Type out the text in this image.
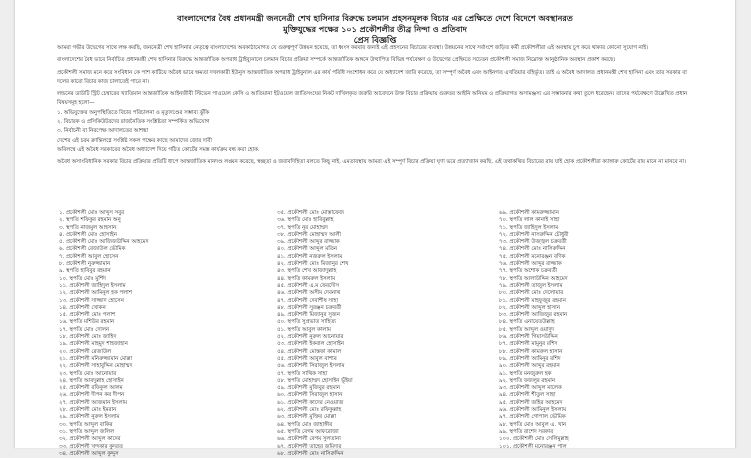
বাংলাদেশের বৈধ প্রধানমন্ত্রী জননেত্রী শেখ হাসিনার বিরুদ্ধে চলমান প্রহসনমূলক বিচার এর প্রেক্ষিতে দেশে বিদেশে অবস্থানরত
মুক্তিযুদ্ধের পক্ষের ১০১ প্রকৌশলীর তীব্র নিন্দা ও প্রতিবাদ
প্রেস বিজ্ঞপ্তি

আমরা গভীর উদ্বেগের সাথে লক্ষ করছি, জননেত্রী শেখ হাসিনার নেতৃত্বে বাংলাদেশের অবকাঠামোগত যে গুরুত্বপূর্ণ উন্নয়ন হয়েছে, তা ধ্বংস করবার জন্যই এই প্রহসনের বিচারের ব্যবস্থা। উন্নয়নের সাথে সর্বাংশে জড়িত কর্মী প্রকৌশলীরা এই অবস্থায় চুপ করে থাকার কোনো সুযোগ নাই।

বাংলাদেশের বৈধ ভাবে নির্বাচিত প্রধানমন্ত্রী শেখ হাসিনার বিরুদ্ধে আন্তর্জাতিক অপরাধ ট্রাইব্যুনালে চলমান বিচার প্রক্রিয়া সম্পর্কে আন্তর্জাতিক অঙ্গনে উত্থাপিত বিভিন্ন পর্যবেক্ষণ ও উদ্বেগের প্রেক্ষিতে সচেতন প্রকৌশলী সমাজ নিম্নোক্ত আনুষ্ঠানিক অবস্থান প্রকাশ করছে।

প্রকৌশলী সমাজ মনে করে সংবিধান কে পাশ কাটিয়ে অবৈধ ভাবে ক্ষমতা দখলকারী ইউনুস আন্তর্জাতিক অপরাধ ট্রাইবুনাল এর কার্য পরিধি সংশোধন করে যে অধ্যাদেশ জারি করেছে, তা সম্পূর্ণ অবৈধ এবং আইনগত এখতিয়ার বহির্ভূত। তাই এ অবৈধ আদালত প্রধানমন্ত্রী শেখ হাসিনা এবং তার সরকার বা দলের কারো বিচার কাজ চালাতেই পারে না।

লন্ডনের ডাউটি স্ট্রিট চেম্বারের খ্যাতিমান আন্তর্জাতিক আইনজীবী স্টিভেন পাওয়েল কেসি ও আতিয়ানা ইটওয়েল জাতিসংঘের নিকট দাখিলকৃত জরুরি আবেদনে উক্ত বিচার প্রক্রিয়ায় গুরুতর আইনি অনিয়ম ও প্রক্রিয়াগত অসামঞ্জস্য এর সম্ভাবনার কথা তুলে ধরেছেন। তাদের পর্যবেক্ষণে উল্লেখিত প্রধান বিষয়সমূহ হলো—

১. অভিযুক্তের অনুপস্থিতিতে বিচার পরিচালনা ও মৃত্যুদণ্ডের সম্ভাব্য ঝুঁকি

২. বিচারক ও প্রসিকিউটরদের রাজনৈতিক সংশ্লিষ্টতা সম্পর্কিত অভিযোগ

৩. নির্বাচনী বা নিরপেক্ষ আদালতের আশঙ্কা

দেশের এই চরম ক্রান্তিলগ্নে সংশ্লিষ্ট সকল পক্ষের কাছে আমাদের জোর দাবী

অবিলম্বে এই অবৈধ সরকারের অবৈধ অধ্যাদেশ দিয়ে গঠিত কোর্টের সমস্ত কার্যক্রম বন্ধ করা হোক.

অবৈধ অসাংবিধানিক সরকার বিচার প্রক্রিয়ার প্রতিটি ধাপে আন্তর্জাতিক মানদণ্ড লঙ্ঘন করেছে, স্বচ্ছতা ও জবাবদিহিতা বলতে কিছু নাই. এমতাবস্থায় আমরা এই সম্পূর্ণ বিচার প্রক্রিয়া ঘৃণা ভরে প্রত্যাখ্যান করছি. এই তথাকথিত বিচারের রায় যাই হোক প্রকৌশলীরা ক্যাঙ্গারু কোর্টের রায় মানে না মানবে না।

১. প্রকৌশলী মোঃ আব্দুস সবুর
২. স্থপতি শফিকুর রহমান অনু
৩. স্থপতি নাজমুল আহসান
৪. প্রকৌশলী মোঃ হোসাইন
৫. প্রকৌশলী মোঃ আজিজউদ্দিন আহমেদ
৬. প্রকৌশলী রেজাউল ভৌমিক
৭. প্রকৌশলী আবুল হোসেন
৮. প্রকৌশলী নুরুজ্জামান
৯. স্থপতি হাবিবুর রহমান
১০. স্থপতি মোঃ মুর্শিদ
১১. প্রকৌশলী জাহিদুল ইসলাম
১২. প্রকৌশলী আমিনুল হক পলাশ
১৩. প্রকৌশলী সাজ্জাদ হোসেন
১৪. প্রকৌশলী খোকন
১৫. প্রকৌশলী মোঃ পলাশ
১৬. স্থপতি মশিউর রহমান
১৭. স্থপতি মোঃ দোলন
১৮. প্রকৌশলী মোঃ জাহিদ
১৯. প্রকৌশলী মাহমুদ শাহজাহান
২০. প্রকৌশলী রেজাউল
২১. প্রকৌশলী মনিরুজ্জামান মোল্লা
২২. প্রকৌশলী সাহাবুদ্দিন মোহাম্মদ
২৩. স্থপতি মোঃ আনোয়ার
২৪. স্থপতি আবদুল্লাহ হোসাইন
২৫. প্রকৌশলী রফিকুল আলম
২৬. প্রকৌশলী দীপন কর দীপন
২৭. প্রকৌশলী আজমান ইসলাম
২৮. প্রকৌশলী মোঃ ইমরান
২৯. প্রকৌশলী নুরুল ইসলাম
৩০. স্থপতি আব্দুল বাকির
৩১. স্থপতি আব্দুল জলিল
৩২. প্রকৌশলী আব্দুল কাদের
৩৩. প্রকৌশলী খন্দকার কুদরত
৩৪. প্রকৌশলী আব্দুল কুদ্দুস
৩৫. প্রকৌশলী মোঃ মোস্তাফেজ
৩৬. স্থপতি মোঃ হাবিবুল্লাহ
৩৭. স্থপতি নূর মোহাম্মদ
৩৮. প্রকৌশলী মোহাম্মদ আলী
৩৯. প্রকৌশলী আব্দুর রাজ্জাক
৪০. প্রকৌশলী আব্দুল মতিন
৪১. প্রকৌশলী নজরুল ইসলাম
৪২. প্রকৌশলী মোঃ মিজানুর শেখ
৪৩. স্থপতি শেখ আজাদুল্লাহ
৪৪. স্থপতি কামরুল ইসলাম
৪৫. প্রকৌশলী এ.ম ফেরদৌস
৪৬. প্রকৌশলী অসীম দেবনাথ
৪৭. প্রকৌশলী দেবাশীষ সাহা
৪৮. প্রকৌশলী সুরঞ্জন চক্রবর্তী
৪৯. প্রকৌশলী মিজানুর সুজন
৫০. স্থপতি সুপ্রভাত সাহিত্য
৫১. স্থপতি আবুল কালাম
৫২. প্রকৌশলী নুরুল আনোয়ার
৫৩. প্রকৌশলী ইকবাল হোসাইন
৫৪. প্রকৌশলী মোস্তফা কামাল
৫৫. প্রকৌশলী আবুল বাশার
৫৬. প্রকৌশলী সিরাজুল ইসলাম
৫৭. স্থপতি সাথিক সাহা
৫৮. স্থপতি মোহাম্মদ হোসাইন ভূঁইয়া
৫৯. প্রকৌশলী মুজিবুর রহমান
৬০. প্রকৌশলী সিরাজুল হাসান
৬১. প্রকৌশলী কাদের নেওয়াজ
৬২. প্রকৌশলী মোঃ রফিকুল্লাহ
৬৩. প্রকৌশলী মুক্তির মোল্লা
৬৪. স্থপতি মোঃ জাহাঙ্গীর
৬৫. স্থপতি বেগম আফরোজা
৬৬. প্রকৌশলী বেগম সুলতানা
৬৭. প্রকৌশলী তাহের জমিদার
৬৮. প্রকৌশলী মোঃ নাসিরুদ্দিন
৬৯. প্রকৌশলী কামরুজ্জামান
৭০. স্থপতি লাল কানাই সাহা
৭১. স্থপতি জাহিদুল ইসলাম
৭২. প্রকৌশলী নাসরুদ্দিন চৌধুরী
৭৩. প্রকৌশলী উজ্জ্বল চক্রবর্তী
৭৪. প্রকৌশলী মোঃ নাসিরুদ্দিন
৭৫. প্রকৌশলী মনোরঞ্জন বণিক
৭৬. প্রকৌশলী আব্দুর রাজ্জাক
৭৭. স্থপতি অশোক চক্রবর্তী
৭৮. স্থপতি আলাউদ্দিন আহমেদ
৭৯. প্রকৌশলী তাজুল ইসলাম
৮০. প্রকৌশলী মোঃ দেলোয়ার
৮১. প্রকৌশলী মাহফুজুর রহমান
৮২. প্রকৌশলী আব্দুল হাসান
৮৩. প্রকৌশলী আজিজুর রহমান
৮৪. স্থপতি এনায়েতউল্লাহ
৮৫. স্থপতি আব্দুল ওয়াদুদ
৮৬. প্রকৌশলী গিয়াসউদ্দিন
৮৭. প্রকৌশলী মামুনুর রশিদ
৮৮. প্রকৌশলী কামরুল হাসান
৮৯. প্রকৌশলী আমিনুর রশিদ
৯০. প্রকৌশলী আব্দুর রহমান
৯১. স্থপতি মনজুরুল হক
৯২. স্থপতি ফজলুর রহমান
৯৩. প্রকৌশলী আব্দুল মালেক
৯৪. প্রকৌশলী শীতুল সাহা
৯৫. প্রকৌশলী জহির আহমেদ
৯৬. প্রকৌশলী আমিনুল ইসলাম
৯৭. প্রকৌশলী গোপাল ভৌমিক
৯৮. স্থপতি মোঃ আবুল এ. খান
৯৯. স্থপতি রাশেদ সরকার
১০০. প্রকৌশলী মোঃ সেলিমুল্লাহ
১০১. প্রকৌশলী মনোরঞ্জন পাল
